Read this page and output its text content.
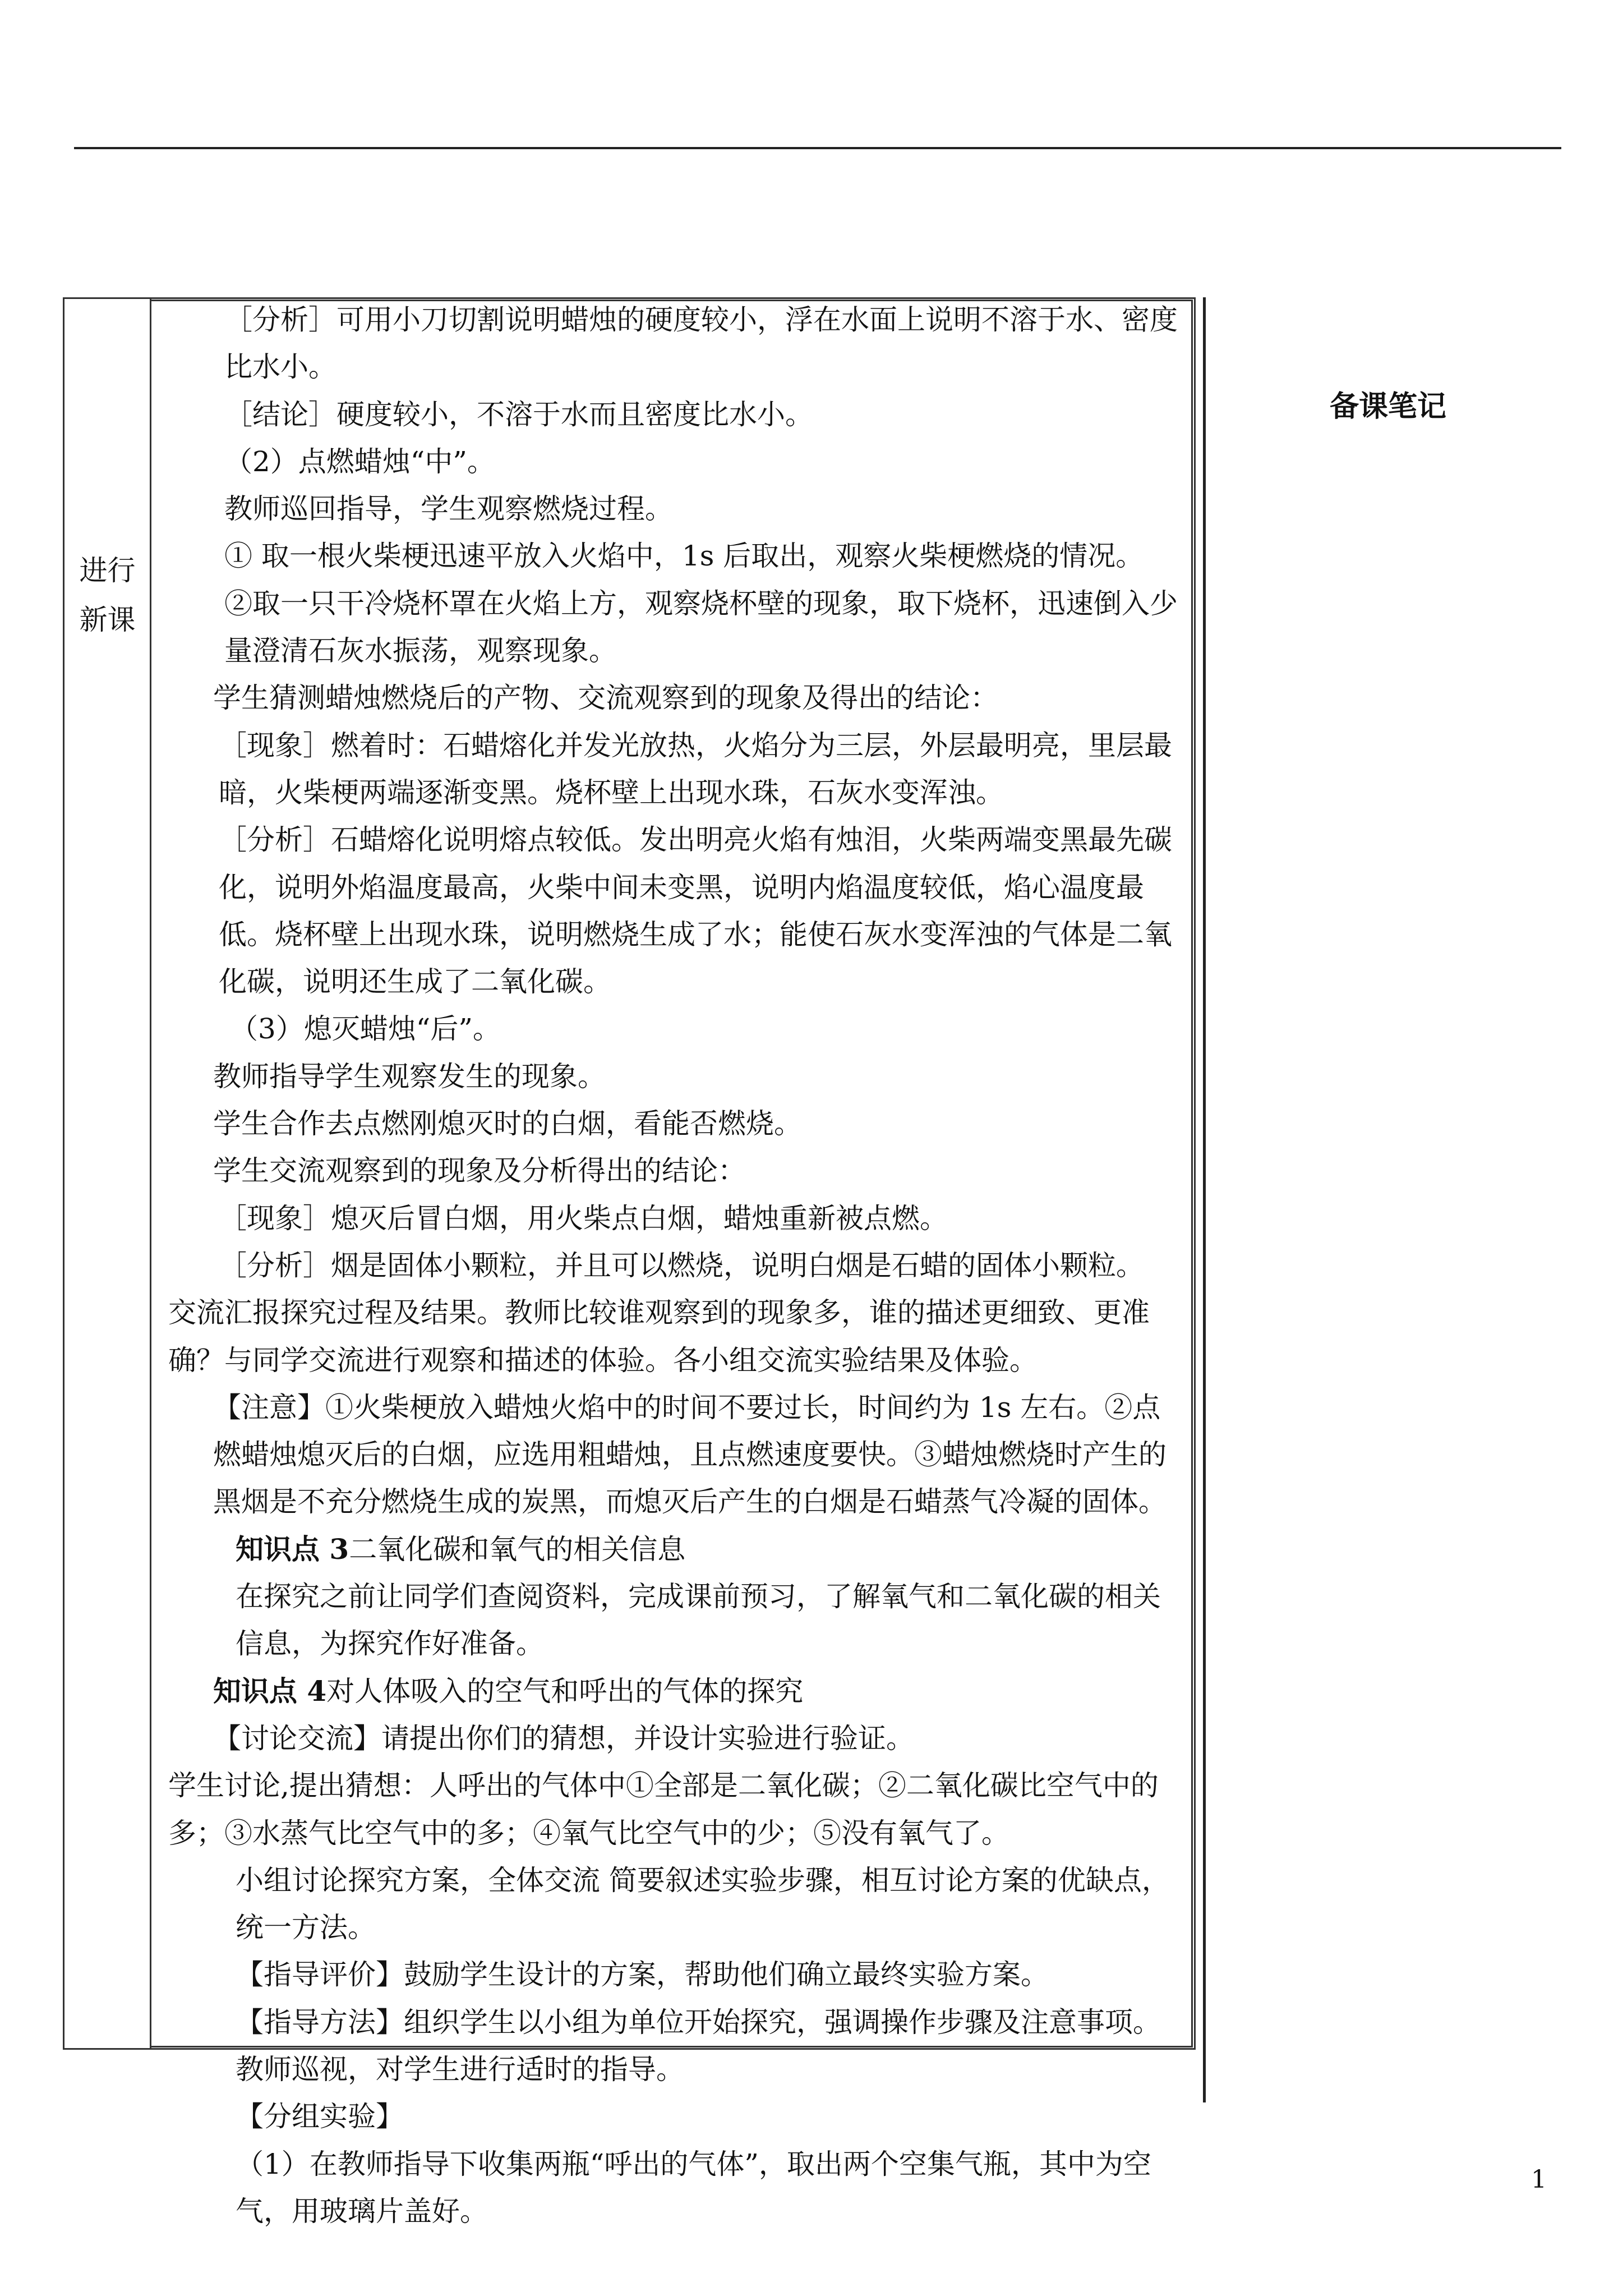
进行
新课
备课笔记

［分析］可用小刀切割说明蜡烛的硬度较小，浮在水面上说明不溶于水、密度比水小。

［结论］硬度较小，不溶于水而且密度比水小。

（2）点燃蜡烛“中”。

教师巡回指导，学生观察燃烧过程。

① 取一根火柴梗迅速平放入火焰中，1s 后取出，观察火柴梗燃烧的情况。

②取一只干冷烧杯罩在火焰上方，观察烧杯壁的现象，取下烧杯，迅速倒入少量澄清石灰水振荡，观察现象。

学生猜测蜡烛燃烧后的产物、交流观察到的现象及得出的结论：

［现象］燃着时：石蜡熔化并发光放热，火焰分为三层，外层最明亮，里层最暗，火柴梗两端逐渐变黑。烧杯壁上出现水珠，石灰水变浑浊。

［分析］石蜡熔化说明熔点较低。发出明亮火焰有烛泪，火柴两端变黑最先碳化，说明外焰温度最高，火柴中间未变黑，说明内焰温度较低，焰心温度最低。烧杯壁上出现水珠，说明燃烧生成了水；能使石灰水变浑浊的气体是二氧化碳，说明还生成了二氧化碳。

（3）熄灭蜡烛“后”。

教师指导学生观察发生的现象。

学生合作去点燃刚熄灭时的白烟，看能否燃烧。

学生交流观察到的现象及分析得出的结论：

［现象］熄灭后冒白烟，用火柴点白烟，蜡烛重新被点燃。

［分析］烟是固体小颗粒，并且可以燃烧，说明白烟是石蜡的固体小颗粒。

交流汇报探究过程及结果。教师比较谁观察到的现象多，谁的描述更细致、更准确？与同学交流进行观察和描述的体验。各小组交流实验结果及体验。

【注意】①火柴梗放入蜡烛火焰中的时间不要过长，时间约为 1s 左右。②点燃蜡烛熄灭后的白烟，应选用粗蜡烛，且点燃速度要快。③蜡烛燃烧时产生的黑烟是不充分燃烧生成的炭黑，而熄灭后产生的白烟是石蜡蒸气冷凝的固体。

知识点 3二氧化碳和氧气的相关信息

在探究之前让同学们查阅资料，完成课前预习，了解氧气和二氧化碳的相关信息，为探究作好准备。

知识点 4对人体吸入的空气和呼出的气体的探究

【讨论交流】请提出你们的猜想，并设计实验进行验证。

学生讨论,提出猜想：人呼出的气体中①全部是二氧化碳；②二氧化碳比空气中的多；③水蒸气比空气中的多；④氧气比空气中的少；⑤没有氧气了。

小组讨论探究方案，全体交流 简要叙述实验步骤，相互讨论方案的优缺点，统一方法。

【指导评价】鼓励学生设计的方案，帮助他们确立最终实验方案。

【指导方法】组织学生以小组为单位开始探究，强调操作步骤及注意事项。教师巡视，对学生进行适时的指导。

【分组实验】

（1）在教师指导下收集两瓶“呼出的气体”，取出两个空集气瓶，其中为空气，用玻璃片盖好。

1
